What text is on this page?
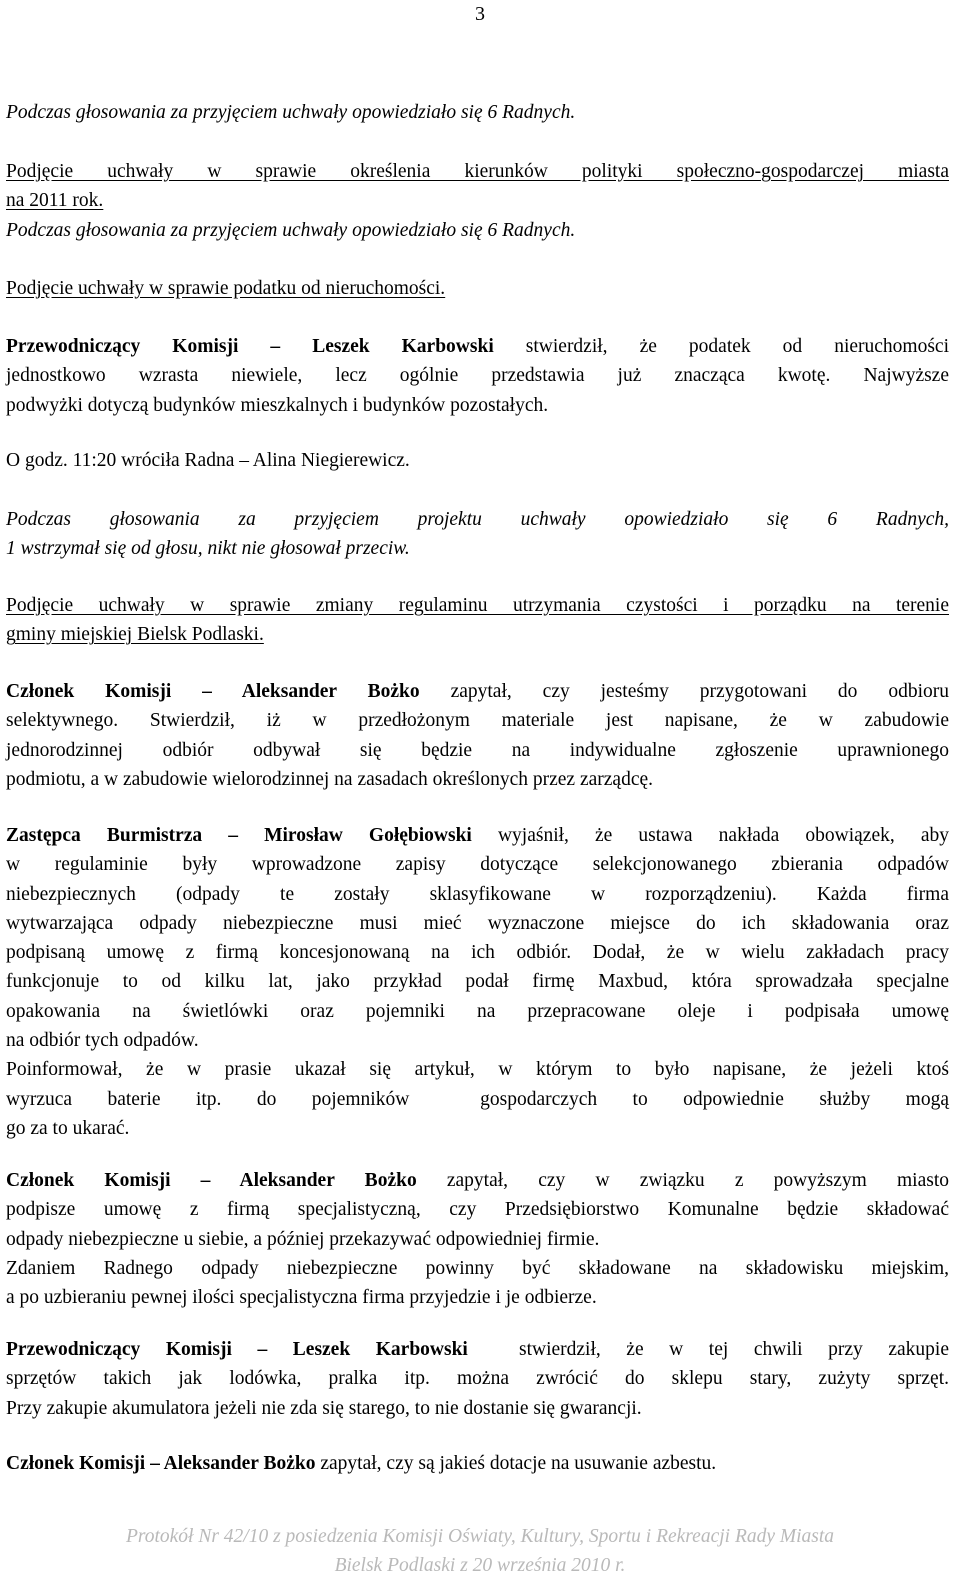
3

Podczas głosowania za przyjęciem uchwały opowiedziało się 6 Radnych.

Podjęcie uchwały w sprawie określenia kierunków polityki społeczno-gospodarczej miasta
na 2011 rok.
Podczas głosowania za przyjęciem uchwały opowiedziało się 6 Radnych.

Podjęcie uchwały w sprawie podatku od nieruchomości.

Przewodniczący Komisji – Leszek Karbowski stwierdził, że podatek od nieruchomości
jednostkowo wzrasta niewiele, lecz ogólnie przedstawia już znacząca kwotę. Najwyższe
podwyżki dotyczą budynków mieszkalnych i budynków pozostałych.

O godz. 11:20 wróciła Radna – Alina Niegierewicz.

Podczas głosowania za przyjęciem projektu uchwały opowiedziało się 6 Radnych,
1 wstrzymał się od głosu, nikt nie głosował przeciw.
Podjęcie uchwały w sprawie zmiany regulaminu utrzymania czystości i porządku na terenie
gminy miejskiej Bielsk Podlaski.
Członek Komisji – Aleksander Bożko zapytał, czy jesteśmy przygotowani do odbioru
selektywnego. Stwierdził, iż w przedłożonym materiale jest napisane, że w zabudowie
jednorodzinnej odbiór odbywał się będzie na indywidualne zgłoszenie uprawnionego
podmiotu, a w zabudowie wielorodzinnej na zasadach określonych przez zarządcę.
Zastępca Burmistrza – Mirosław Gołębiowski wyjaśnił, że ustawa nakłada obowiązek, aby
w regulaminie były wprowadzone zapisy dotyczące selekcjonowanego zbierania odpadów
niebezpiecznych (odpady te zostały sklasyfikowane w rozporządzeniu). Każda firma
wytwarzająca odpady niebezpieczne musi mieć wyznaczone miejsce do ich składowania oraz
podpisaną umowę z firmą koncesjonowaną na ich odbiór. Dodał, że w wielu zakładach pracy
funkcjonuje to od kilku lat, jako przykład podał firmę Maxbud, która sprowadzała specjalne
opakowania na świetlówki oraz pojemniki na przepracowane oleje i podpisała umowę
na odbiór tych odpadów.
Poinformował, że w prasie ukazał się artykuł, w którym to było napisane, że jeżeli ktoś
wyrzuca baterie itp. do pojemników  gospodarczych to odpowiednie służby mogą
go za to ukarać.
Członek Komisji – Aleksander Bożko zapytał, czy w związku z powyższym miasto
podpisze umowę z firmą specjalistyczną, czy Przedsiębiorstwo Komunalne będzie składować
odpady niebezpieczne u siebie, a później przekazywać odpowiedniej firmie.
Zdaniem Radnego odpady niebezpieczne powinny być składowane na składowisku miejskim,
a po uzbieraniu pewnej ilości specjalistyczna firma przyjedzie i je odbierze.
Przewodniczący Komisji – Leszek Karbowski  stwierdził, że w tej chwili przy zakupie
sprzętów takich jak lodówka, pralka itp. można zwrócić do sklepu stary, zużyty sprzęt.
Przy zakupie akumulatora jeżeli nie zda się starego, to nie dostanie się gwarancji.

Członek Komisji – Aleksander Bożko zapytał, czy są jakieś dotacje na usuwanie azbestu.

Protokół Nr 42/10 z posiedzenia Komisji Oświaty, Kultury, Sportu i Rekreacji Rady Miasta
Bielsk Podlaski z 20 września 2010 r.
